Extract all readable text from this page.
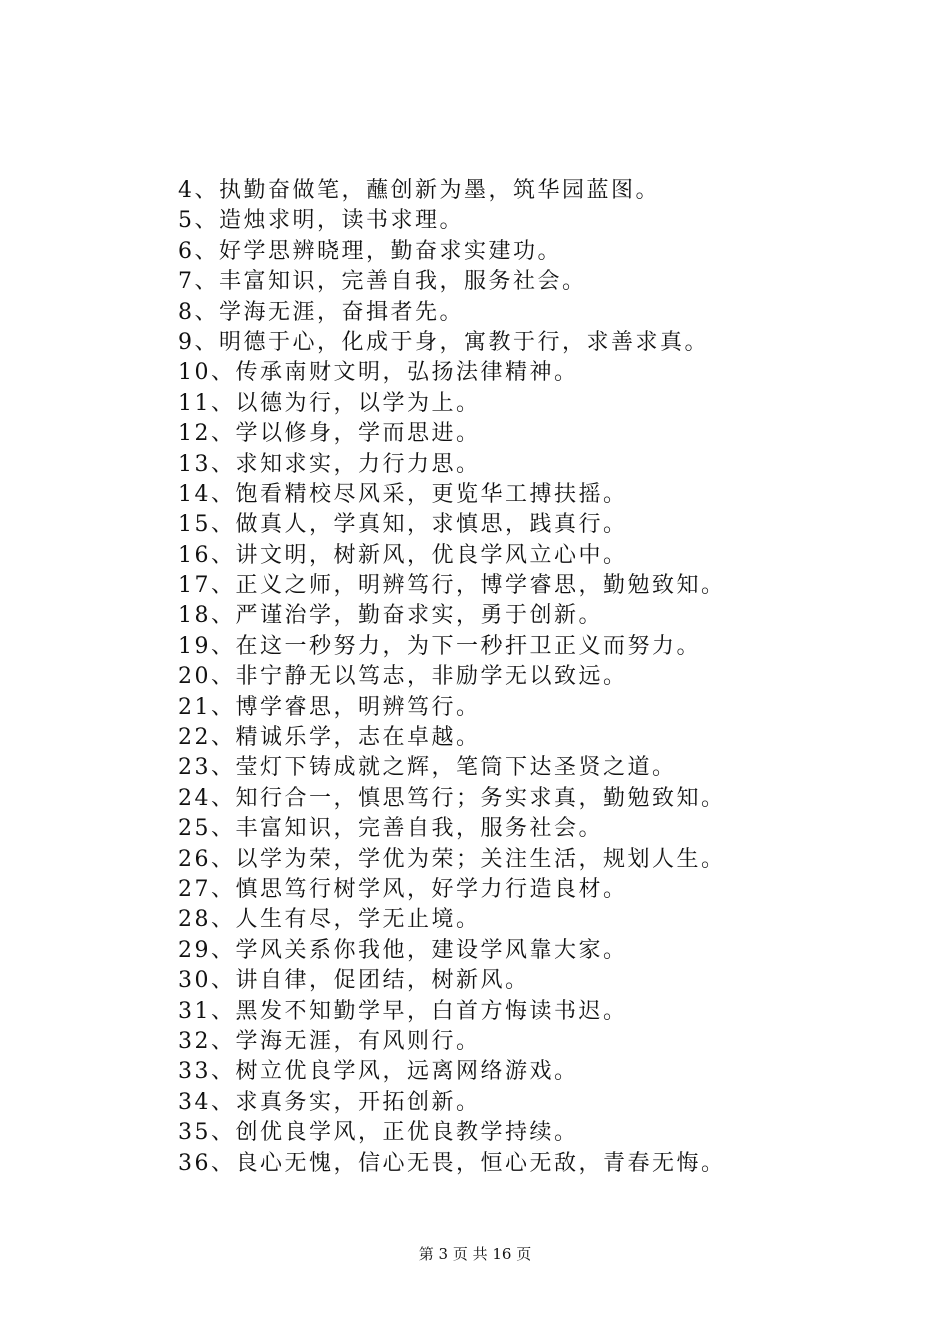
4、执勤奋做笔，蘸创新为墨，筑华园蓝图。
5、造烛求明，读书求理。
6、好学思辨晓理，勤奋求实建功。
7、丰富知识，完善自我，服务社会。
8、学海无涯，奋揖者先。
9、明德于心，化成于身，寓教于行，求善求真。
10、传承南财文明，弘扬法律精神。
11、以德为行，以学为上。
12、学以修身，学而思进。
13、求知求实，力行力思。
14、饱看精校尽风采，更览华工搏扶摇。
15、做真人，学真知，求慎思，践真行。
16、讲文明，树新风，优良学风立心中。
17、正义之师，明辨笃行，博学睿思，勤勉致知。
18、严谨治学，勤奋求实，勇于创新。
19、在这一秒努力，为下一秒扞卫正义而努力。
20、非宁静无以笃志，非励学无以致远。
21、博学睿思，明辨笃行。
22、精诚乐学，志在卓越。
23、莹灯下铸成就之辉，笔筒下达圣贤之道。
24、知行合一，慎思笃行；务实求真，勤勉致知。
25、丰富知识，完善自我，服务社会。
26、以学为荣，学优为荣；关注生活，规划人生。
27、慎思笃行树学风，好学力行造良材。
28、人生有尽，学无止境。
29、学风关系你我他，建设学风靠大家。
30、讲自律，促团结，树新风。
31、黑发不知勤学早，白首方悔读书迟。
32、学海无涯，有风则行。
33、树立优良学风，远离网络游戏。
34、求真务实，开拓创新。
35、创优良学风，正优良教学持续。
36、良心无愧，信心无畏，恒心无敌，青春无悔。
第 3 页 共 16 页
